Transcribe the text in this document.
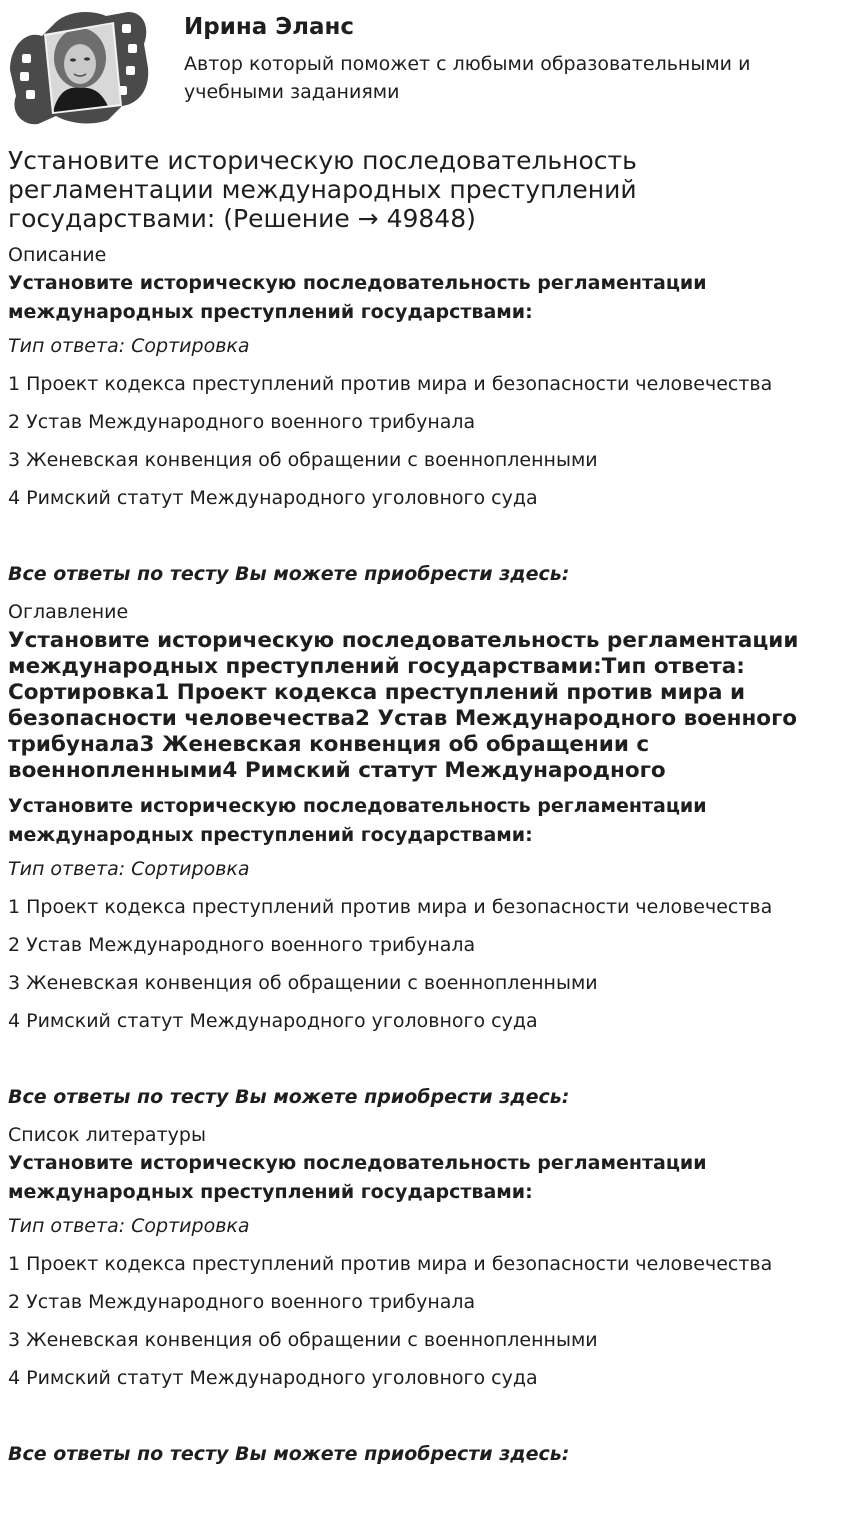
Ирина Эланс

Автор который поможет с любыми образовательными и учебными заданиями

Установите историческую последовательность регламентации международных преступлений государствами: (Решение → 49848)

Описание

Установите историческую последовательность регламентации международных преступлений государствами:

Тип ответа: Сортировка

1 Проект кодекса преступлений против мира и безопасности человечества

2 Устав Международного военного трибунала

3 Женевская конвенция об обращении с военнопленными

4 Римский статут Международного уголовного суда

Все ответы по тесту Вы можете приобрести здесь:

Оглавление

Установите историческую последовательность регламентации международных преступлений государствами:Тип ответа: Сортировка1 Проект кодекса преступлений против мира и безопасности человечества2 Устав Международного военного трибунала3 Женевская конвенция об обращении с военнопленными4 Римский статут Международного

Установите историческую последовательность регламентации международных преступлений государствами:

Тип ответа: Сортировка

1 Проект кодекса преступлений против мира и безопасности человечества

2 Устав Международного военного трибунала

3 Женевская конвенция об обращении с военнопленными

4 Римский статут Международного уголовного суда

Все ответы по тесту Вы можете приобрести здесь:

Список литературы

Установите историческую последовательность регламентации международных преступлений государствами:

Тип ответа: Сортировка

1 Проект кодекса преступлений против мира и безопасности человечества

2 Устав Международного военного трибунала

3 Женевская конвенция об обращении с военнопленными

4 Римский статут Международного уголовного суда

Все ответы по тесту Вы можете приобрести здесь:
